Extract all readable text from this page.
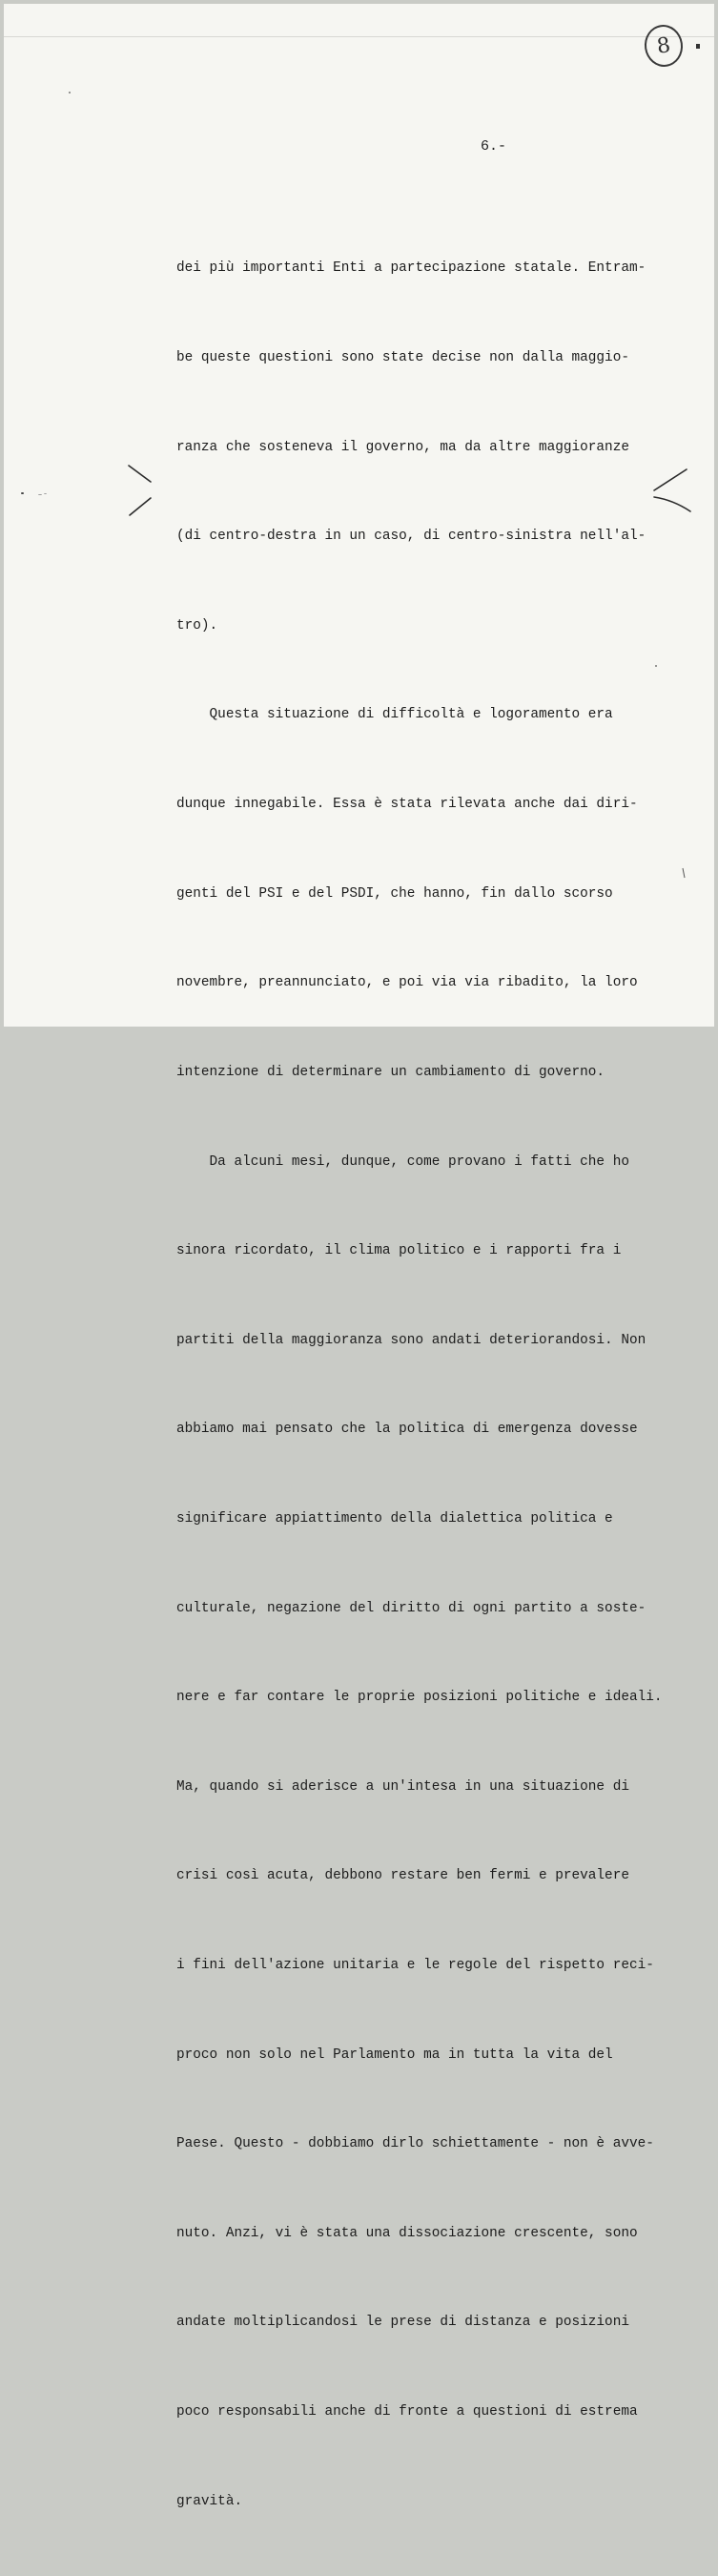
8
6.-

dei più importanti Enti a partecipazione statale. Entram-

be queste questioni sono state decise non dalla maggio-

ranza che sosteneva il governo, ma da altre maggioranze

(di centro-destra in un caso, di centro-sinistra nell'al-

tro).

Questa situazione di difficoltà e logoramento era

dunque innegabile. Essa è stata rilevata anche dai diri-

genti del PSI e del PSDI, che hanno, fin dallo scorso

novembre, preannunciato, e poi via via ribadito, la loro

intenzione di determinare un cambiamento di governo.

Da alcuni mesi, dunque, come provano i fatti che ho

sinora ricordato, il clima politico e i rapporti fra i

partiti della maggioranza sono andati deteriorandosi. Non

abbiamo mai pensato che la politica di emergenza dovesse

significare appiattimento della dialettica politica e

culturale, negazione del diritto di ogni partito a soste-

nere e far contare le proprie posizioni politiche e ideali.

Ma, quando si aderisce a un'intesa in una situazione di

crisi così acuta, debbono restare ben fermi e prevalere

i fini dell'azione unitaria e le regole del rispetto reci-

proco non solo nel Parlamento ma in tutta la vita del

Paese. Questo - dobbiamo dirlo schiettamente - non è avve-

nuto. Anzi, vi è stata una dissociazione crescente, sono

andate moltiplicandosi le prese di distanza e posizioni

poco responsabili anche di fronte a questioni di estrema

gravità.
